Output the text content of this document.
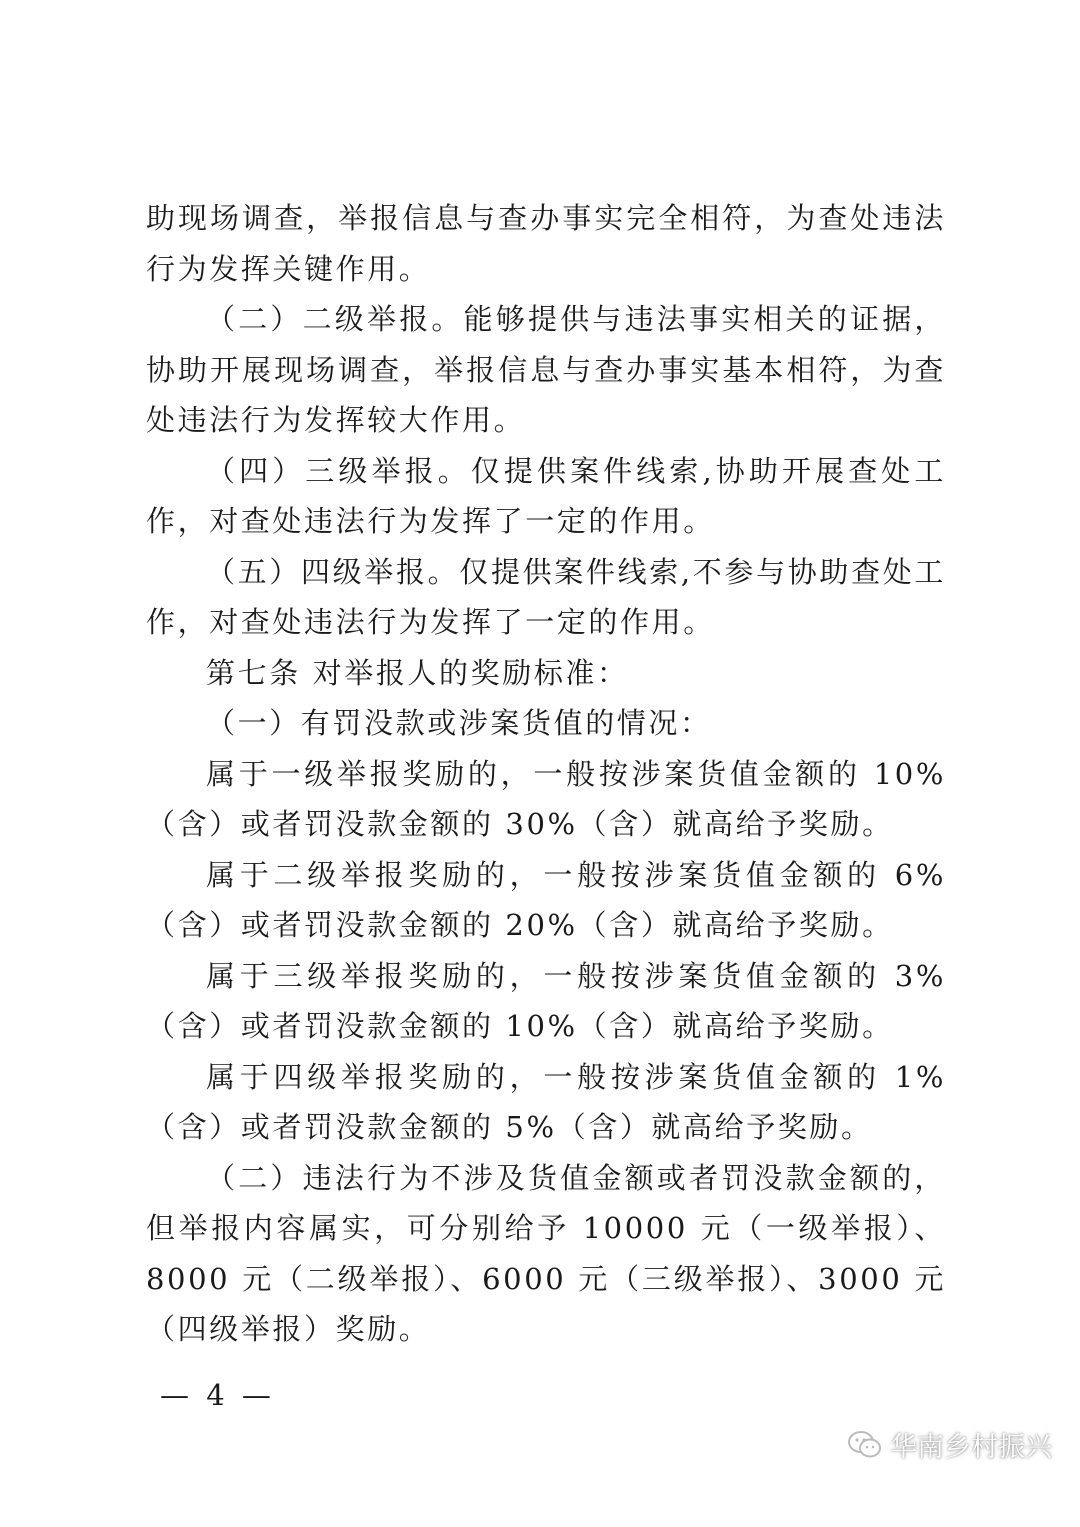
助现场调查，举报信息与查办事实完全相符，为查处违法行为发挥关键作用。

（二）二级举报。能够提供与违法事实相关的证据，协助开展现场调查，举报信息与查办事实基本相符，为查处违法行为发挥较大作用。

（四）三级举报。仅提供案件线索,协助开展查处工作，对查处违法行为发挥了一定的作用。

（五）四级举报。仅提供案件线索,不参与协助查处工作，对查处违法行为发挥了一定的作用。

第七条 对举报人的奖励标准：

（一）有罚没款或涉案货值的情况：

属于一级举报奖励的，一般按涉案货值金额的 10%（含）或者罚没款金额的 30%（含）就高给予奖励。

属于二级举报奖励的，一般按涉案货值金额的 6%（含）或者罚没款金额的 20%（含）就高给予奖励。

属于三级举报奖励的，一般按涉案货值金额的 3%（含）或者罚没款金额的 10%（含）就高给予奖励。

属于四级举报奖励的，一般按涉案货值金额的 1%（含）或者罚没款金额的 5%（含）就高给予奖励。

（二）违法行为不涉及货值金额或者罚没款金额的，但举报内容属实，可分别给予 10000 元（一级举报）、8000 元（二级举报）、6000 元（三级举报）、3000 元（四级举报）奖励。

— 4 —
华南乡村振兴
